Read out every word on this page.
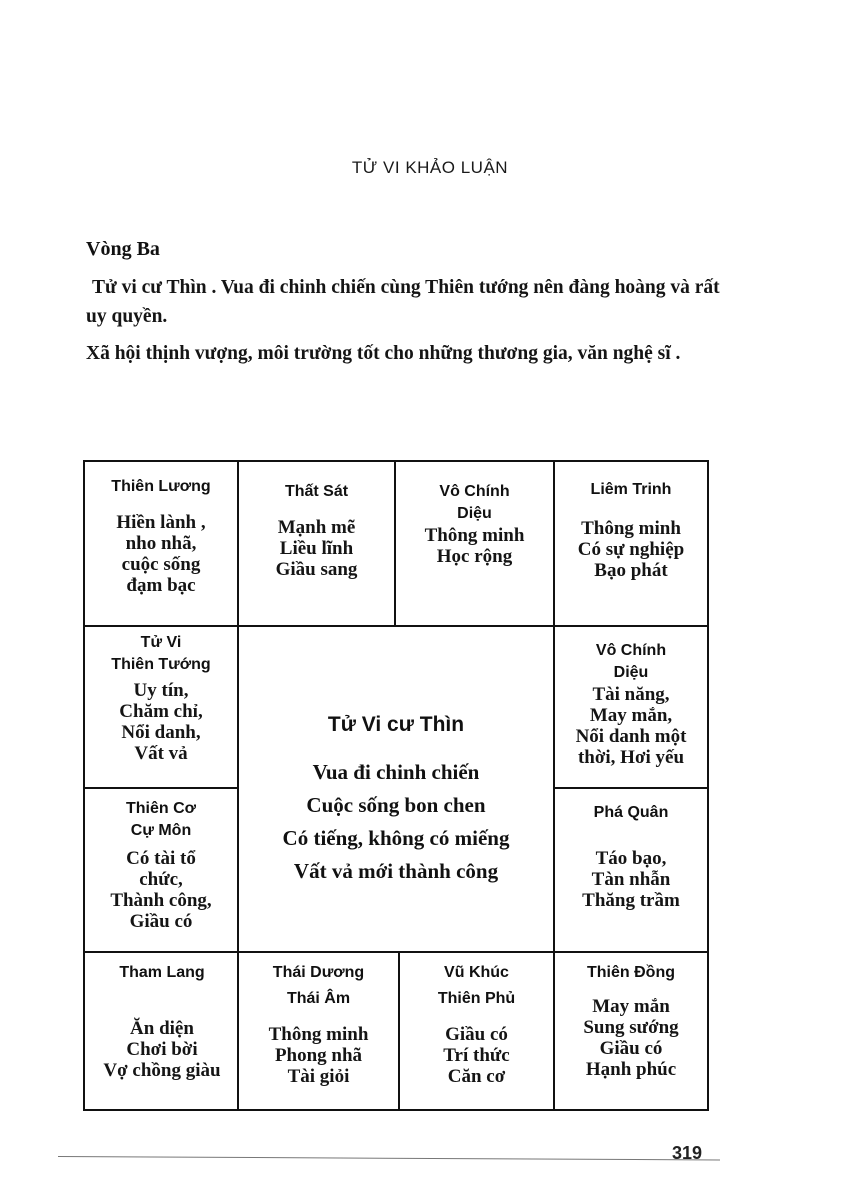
TỬ VI KHẢO LUẬN
Vòng Ba
Tử vi cư Thìn . Vua đi chinh chiến cùng Thiên tướng nên đàng hoàng và rất uy quyền.
Xã hội thịnh vượng, môi trường tốt cho những thương gia, văn nghệ sĩ .
Thiên Lương
Hiền lành ,
nho nhã,
cuộc sống
đạm bạc
Thất Sát
Mạnh mẽ
Liều lĩnh
Giầu sang
Vô Chính
Diệu
Thông minh
Học rộng
Liêm Trinh
Thông minh
Có sự nghiệp
Bạo phát
Tử Vi
Thiên Tướng
Uy tín,
Chăm chỉ,
Nổi danh,
Vất vả
Thiên Cơ
Cự Môn
Có tài tổ
chức,
Thành công,
Giầu có
Tử Vi cư Thìn
Vua đi chinh chiến
Cuộc sống bon chen
Có tiếng, không có miếng
Vất vả mới thành công
Vô Chính
Diệu
Tài năng,
May mắn,
Nổi danh một
thời, Hơi yếu
Phá Quân
Táo bạo,
Tàn nhẫn
Thăng trầm
Tham Lang
Ăn diện
Chơi bời
Vợ chồng giàu
Thái Dương
Thái Âm
Thông minh
Phong nhã
Tài giỏi
Vũ Khúc
Thiên Phủ
Giầu có
Trí thức
Căn cơ
Thiên Đồng
May mắn
Sung sướng
Giầu có
Hạnh phúc
319
